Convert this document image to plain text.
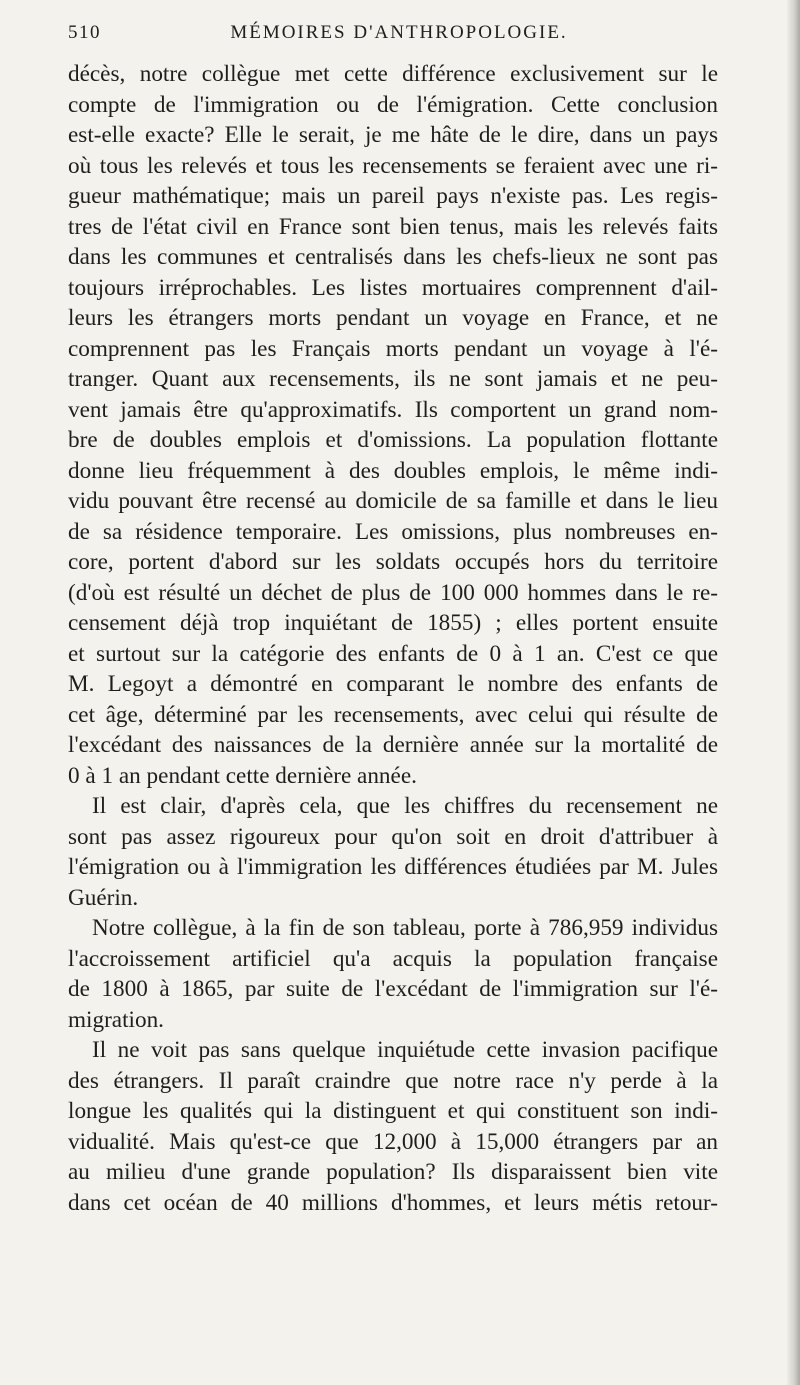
510	MÉMOIRES D'ANTHROPOLOGIE.
décès, notre collègue met cette différence exclusivement sur le
compte de l'immigration ou de l'émigration. Cette conclusion
est-elle exacte? Elle le serait, je me hâte de le dire, dans un pays
où tous les relevés et tous les recensements se feraient avec une ri-
gueur mathématique; mais un pareil pays n'existe pas. Les regis-
tres de l'état civil en France sont bien tenus, mais les relevés faits
dans les communes et centralisés dans les chefs-lieux ne sont pas
toujours irréprochables. Les listes mortuaires comprennent d'ail-
leurs les étrangers morts pendant un voyage en France, et ne
comprennent pas les Français morts pendant un voyage à l'é-
tranger. Quant aux recensements, ils ne sont jamais et ne peu-
vent jamais être qu'approximatifs. Ils comportent un grand nom-
bre de doubles emplois et d'omissions. La population flottante
donne lieu fréquemment à des doubles emplois, le même indi-
vidu pouvant être recensé au domicile de sa famille et dans le lieu
de sa résidence temporaire. Les omissions, plus nombreuses en-
core, portent d'abord sur les soldats occupés hors du territoire
(d'où est résulté un déchet de plus de 100 000 hommes dans le re-
censement déjà trop inquiétant de 1855) ; elles portent ensuite
et surtout sur la catégorie des enfants de 0 à 1 an. C'est ce que
M. Legoyt a démontré en comparant le nombre des enfants de
cet âge, déterminé par les recensements, avec celui qui résulte de
l'excédant des naissances de la dernière année sur la mortalité de
0 à 1 an pendant cette dernière année.
Il est clair, d'après cela, que les chiffres du recensement ne
sont pas assez rigoureux pour qu'on soit en droit d'attribuer à
l'émigration ou à l'immigration les différences étudiées par M. Jules
Guérin.
Notre collègue, à la fin de son tableau, porte à 786,959 individus
l'accroissement artificiel qu'a acquis la population française
de 1800 à 1865, par suite de l'excédant de l'immigration sur l'é-
migration.
Il ne voit pas sans quelque inquiétude cette invasion pacifique
des étrangers. Il paraît craindre que notre race n'y perde à la
longue les qualités qui la distinguent et qui constituent son indi-
vidualité. Mais qu'est-ce que 12,000 à 15,000 étrangers par an
au milieu d'une grande population? Ils disparaissent bien vite
dans cet océan de 40 millions d'hommes, et leurs métis retour-
